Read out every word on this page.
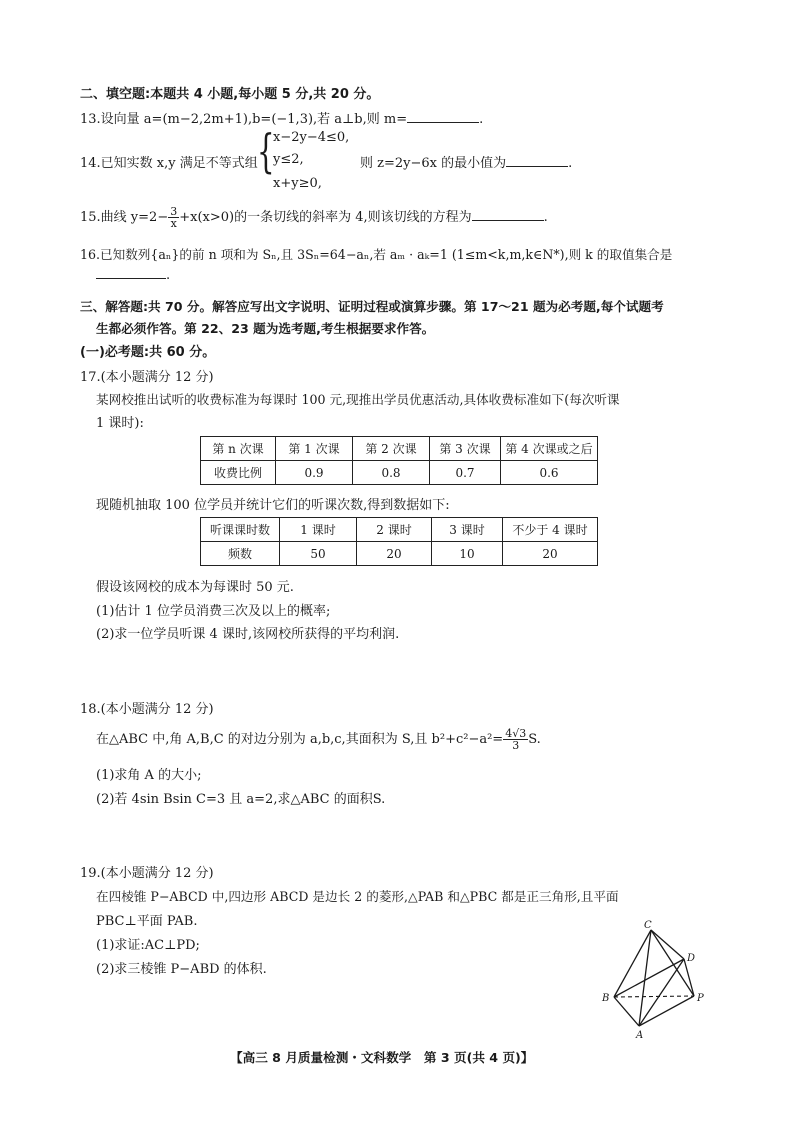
二、填空题:本题共 4 小题,每小题 5 分,共 20 分。
13.设向量 a=(m−2,2m+1),b=(−1,3),若 a⊥b,则 m=	.
14.已知实数 x,y 满足不等式组 {
x−2y−4≤0,
y≤2,
x+y≥0,
则 z=2y−6x 的最小值为	.
15.曲线 $y=2- \frac{3}{x} +x(x>0)$的一条切线的斜率为 4,则该切线的方程为	.
16.已知数列{aₙ}的前 n 项和为 Sₙ,且 3Sₙ=64−aₙ,若 aₘ · aₖ=1 (1≤m<k,m,k∈N*),则 k 的取值集合是
.
三、解答题:共 70 分。解答应写出文字说明、证明过程或演算步骤。第 17～21 题为必考题,每个试题考
生都必须作答。第 22、23 题为选考题,考生根据要求作答。
(一)必考题:共 60 分。
17.(本小题满分 12 分)
某网校推出试听的收费标准为每课时 100 元,现推出学员优惠活动,具体收费标准如下(每次听课
1 课时):
第 n 次课	第 1 次课	第 2 次课	第 3 次课	第 4 次课或之后
收费比例	0.9	0.8	0.7	0.6
现随机抽取 100 位学员并统计它们的听课次数,得到数据如下:
听课课时数	1 课时	2 课时	3 课时	不少于 4 课时
频数	50	20	10	20
假设该网校的成本为每课时 50 元.
(1)估计 1 位学员消费三次及以上的概率;
(2)求一位学员听课 4 课时,该网校所获得的平均利润.
18.(本小题满分 12 分)
在△ABC 中,角 A,B,C 的对边分别为 a,b,c,其面积为 S,且 $b^2+c^2-a^2= \frac{4√3}{3} S$.
(1)求角 A 的大小;
(2)若 4sin Bsin C=3 且 a=2,求△ABC 的面积S.
19.(本小题满分 12 分)
在四棱锥 P−ABCD 中,四边形 ABCD 是边长 2 的菱形,△PAB 和△PBC 都是正三角形,且平面
PBC⊥平面 PAB.
(1)求证:AC⊥PD;
(2)求三棱锥 P−ABD 的体积.
C
D
B	P
A
【高三 8 月质量检测・文科数学　第 3 页(共 4 页)】
